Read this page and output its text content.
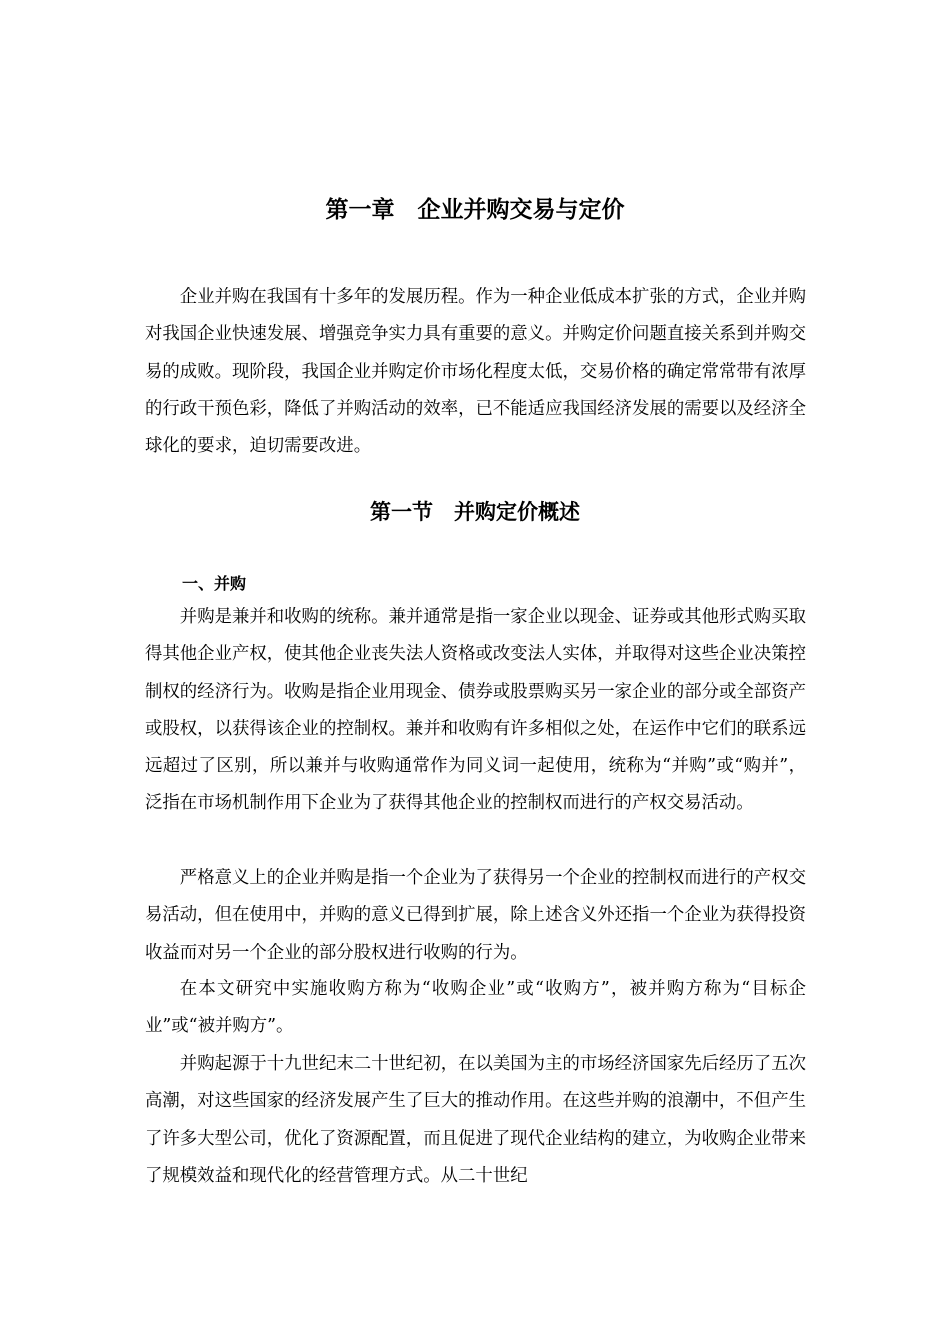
第一章　企业并购交易与定价

企业并购在我国有十多年的发展历程。作为一种企业低成本扩张的方式，企业并购对我国企业快速发展、增强竞争实力具有重要的意义。并购定价问题直接关系到并购交易的成败。现阶段，我国企业并购定价市场化程度太低，交易价格的确定常常带有浓厚的行政干预色彩，降低了并购活动的效率，已不能适应我国经济发展的需要以及经济全球化的要求，迫切需要改进。

第一节　并购定价概述
一、并购

并购是兼并和收购的统称。兼并通常是指一家企业以现金、证券或其他形式购买取得其他企业产权，使其他企业丧失法人资格或改变法人实体，并取得对这些企业决策控制权的经济行为。收购是指企业用现金、债券或股票购买另一家企业的部分或全部资产或股权，以获得该企业的控制权。兼并和收购有许多相似之处，在运作中它们的联系远远超过了区别，所以兼并与收购通常作为同义词一起使用，统称为“并购”或“购并”，泛指在市场机制作用下企业为了获得其他企业的控制权而进行的产权交易活动。

严格意义上的企业并购是指一个企业为了获得另一个企业的控制权而进行的产权交易活动，但在使用中，并购的意义已得到扩展，除上述含义外还指一个企业为获得投资收益而对另一个企业的部分股权进行收购的行为。

在本文研究中实施收购方称为“收购企业”或“收购方”，被并购方称为“目标企业”或“被并购方”。

并购起源于十九世纪末二十世纪初，在以美国为主的市场经济国家先后经历了五次高潮，对这些国家的经济发展产生了巨大的推动作用。在这些并购的浪潮中，不但产生了许多大型公司，优化了资源配置，而且促进了现代企业结构的建立，为收购企业带来了规模效益和现代化的经营管理方式。从二十世纪
